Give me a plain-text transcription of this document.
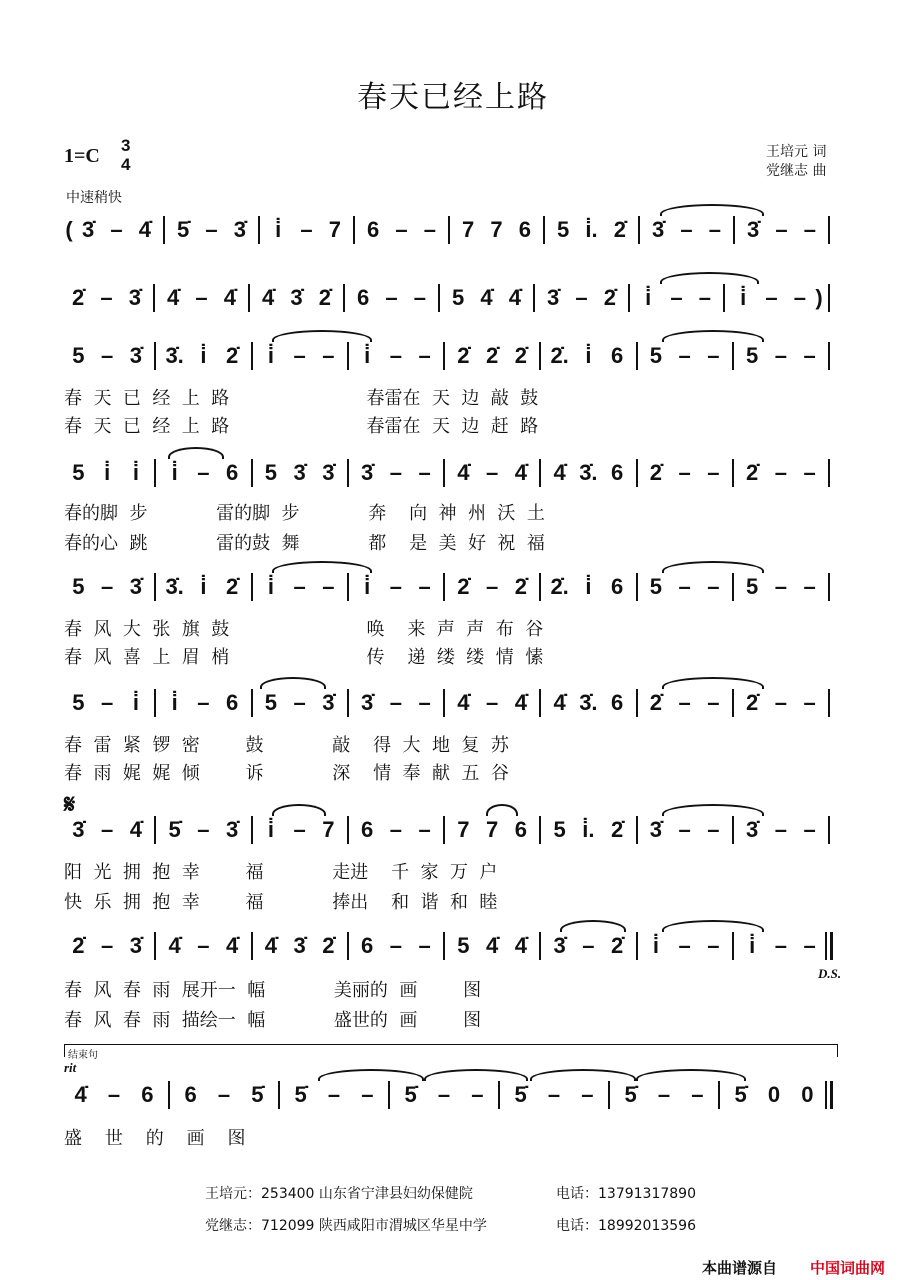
春天已经上路
1=C 3
4
中速稍快
王培元 词
党继志 曲
( 3̇ – 4̇	5̇ – 3̇	i̇ – 7	6 – –	7 7 6	5 i̇. 2̇	3̇ – –	3̇ – –
2̇ – 3̇	4̇ – 4̇	4̇ 3̇ 2̇	6 – –	5 4̇ 4̇	3̇ – 2̇	i̇ – –	i̇ – – )
5 – 3̇	3̇. i̇ 2̇	i̇ – –	i̇ – –	2̇ 2̇ 2̇	2̇. i̇ 6	5 – –	5 – –
春  天  已  经  上  路                        春雷在  天  边  敲  鼓
春  天  已  经  上  路                        春雷在  天  边  赶  路
5 i̇	i̇	i̇ – 6	5 3̇ 3̇	3̇ – –	4̇ – 4̇	4̇ 3̇. 6	2̇ – –	2̇ – –
春的脚  步            雷的脚  步            奔    向  神  州  沃  土
春的心  跳            雷的鼓  舞            都    是  美  好  祝  福
5 – 3̇	3̇. i̇ 2̇	i̇ – –	i̇ – –	2̇ – 2̇	2̇. i̇ 6	5 – –	5 – –
春  风  大  张  旗  鼓                        唤    来  声  声  布  谷
春  风  喜  上  眉  梢                        传    递  缕  缕  情  愫
5 – i̇	i̇ – 6	5 – 3̇	3̇ – –	4̇ – 4̇	4̇ 3̇. 6	2̇ – –	2̇ – –
春  雷  紧  锣  密        鼓            敲    得  大  地  复  苏
春  雨  娓  娓  倾        诉            深    情  奉  献  五  谷
3̇ – 4̇	5̇ – 3̇	i̇ – 7	6 – –	7 7 6	5 i̇. 2̇	3̇ – –	3̇ – –
阳  光  拥  抱  幸        福            走进    千  家  万  户
快  乐  拥  抱  幸        福            捧出    和  谐  和  睦
2̇ – 3̇	4̇ – 4̇	4̇ 3̇ 2̇	6 – –	5 4̇ 4̇	3̇ – 2̇	i̇ – –	i̇ – –
春  风  春  雨  展开一  幅            美丽的  画        图
春  风  春  雨  描绘一  幅            盛世的  画        图
4̇ – 6	6 – 5̇	5̇ – –	5̇ – –	5̇ – –	5̇ – –	5̇ 0 0
盛    世    的    画    图
𝄋
D.S.
结束句
rit
王培元：253400 山东省宁津县妇幼保健院	电话：13791317890
党继志：712099 陕西咸阳市渭城区华星中学	电话：18992013596
本曲谱源自 中国词曲网
